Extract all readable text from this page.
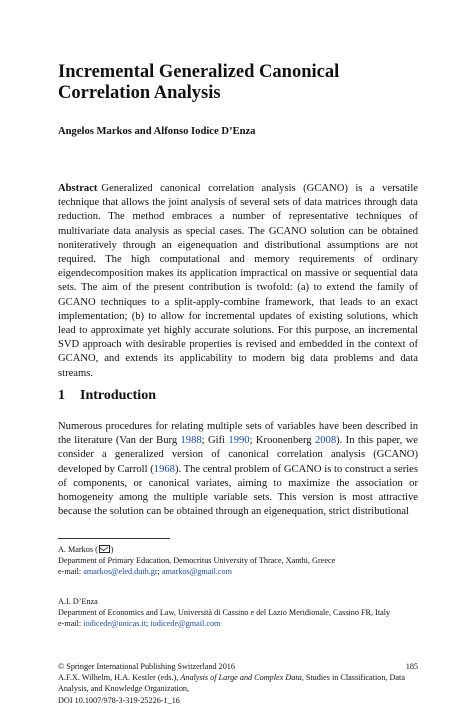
Incremental Generalized Canonical
Correlation Analysis
Angelos Markos and Alfonso Iodice D’Enza
Abstract Generalized canonical correlation analysis (GCANO) is a versatile technique that allows the joint analysis of several sets of data matrices through data reduction. The method embraces a number of representative techniques of multivariate data analysis as special cases. The GCANO solution can be obtained noniteratively through an eigenequation and distributional assumptions are not required. The high computational and memory requirements of ordinary eigendecomposition makes its application impractical on massive or sequential data sets. The aim of the present contribution is twofold: (a) to extend the family of GCANO techniques to a split-apply-combine framework, that leads to an exact implementation; (b) to allow for incremental updates of existing solutions, which lead to approximate yet highly accurate solutions. For this purpose, an incremental SVD approach with desirable properties is revised and embedded in the context of GCANO, and extends its applicability to modern big data problems and data streams.
1 Introduction
Numerous procedures for relating multiple sets of variables have been described in the literature (Van der Burg 1988; Gifi 1990; Kroonenberg 2008). In this paper, we consider a generalized version of canonical correlation analysis (GCANO) developed by Carroll (1968). The central problem of GCANO is to construct a series of components, or canonical variates, aiming to maximize the association or homogeneity among the multiple variable sets. This version is most attractive because the solution can be obtained through an eigenequation, strict distributional
A. Markos ( )
Department of Primary Education, Democritus University of Thrace, Xanthi, Greece
e-mail: amarkos@eled.duth.gr; amarkos@gmail.com
A.I. D’Enza
Department of Economics and Law, Università di Cassino e del Lazio Meridionale, Cassino FR, Italy
e-mail: iodicede@unicas.it; iodicede@gmail.com
185
© Springer International Publishing Switzerland 2016
A.F.X. Wilhelm, H.A. Kestler (eds.), Analysis of Large and Complex Data, Studies in Classification, Data Analysis, and Knowledge Organization,
DOI 10.1007/978-3-319-25226-1_16
